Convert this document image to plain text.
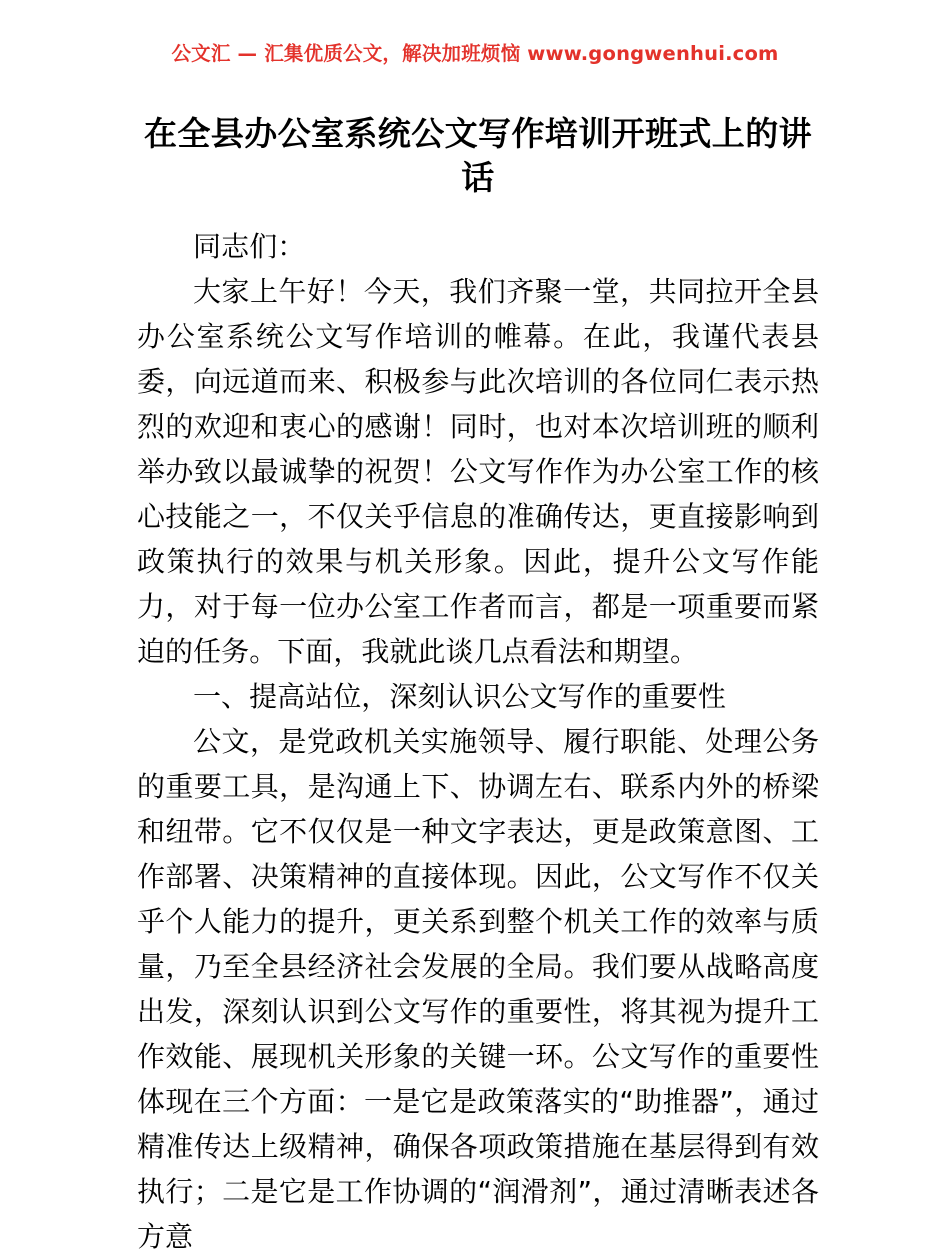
公文汇 — 汇集优质公文，解决加班烦恼 www.gongwenhui.com
在全县办公室系统公文写作培训开班式上的讲话

同志们：

大家上午好！今天，我们齐聚一堂，共同拉开全县办公室系统公文写作培训的帷幕。在此，我谨代表县委，向远道而来、积极参与此次培训的各位同仁表示热烈的欢迎和衷心的感谢！同时，也对本次培训班的顺利举办致以最诚挚的祝贺！公文写作作为办公室工作的核心技能之一，不仅关乎信息的准确传达，更直接影响到政策执行的效果与机关形象。因此，提升公文写作能力，对于每一位办公室工作者而言，都是一项重要而紧迫的任务。下面，我就此谈几点看法和期望。

一、提高站位，深刻认识公文写作的重要性

公文，是党政机关实施领导、履行职能、处理公务的重要工具，是沟通上下、协调左右、联系内外的桥梁和纽带。它不仅仅是一种文字表达，更是政策意图、工作部署、决策精神的直接体现。因此，公文写作不仅关乎个人能力的提升，更关系到整个机关工作的效率与质量，乃至全县经济社会发展的全局。我们要从战略高度出发，深刻认识到公文写作的重要性，将其视为提升工作效能、展现机关形象的关键一环。公文写作的重要性体现在三个方面：一是它是政策落实的“助推器”，通过精准传达上级精神，确保各项政策措施在基层得到有效执行；二是它是工作协调的“润滑剂”，通过清晰表述各方意
